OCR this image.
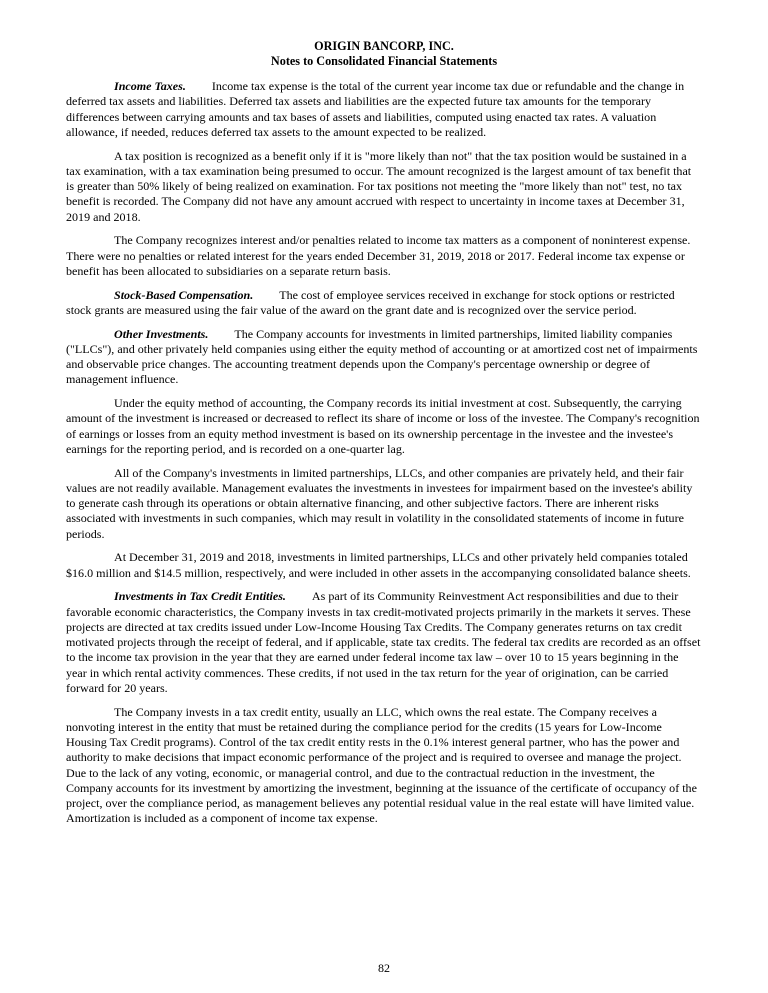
ORIGIN BANCORP, INC.
Notes to Consolidated Financial Statements

Income Taxes. Income tax expense is the total of the current year income tax due or refundable and the change in deferred tax assets and liabilities. Deferred tax assets and liabilities are the expected future tax amounts for the temporary differences between carrying amounts and tax bases of assets and liabilities, computed using enacted tax rates. A valuation allowance, if needed, reduces deferred tax assets to the amount expected to be realized.

A tax position is recognized as a benefit only if it is "more likely than not" that the tax position would be sustained in a tax examination, with a tax examination being presumed to occur. The amount recognized is the largest amount of tax benefit that is greater than 50% likely of being realized on examination. For tax positions not meeting the "more likely than not" test, no tax benefit is recorded. The Company did not have any amount accrued with respect to uncertainty in income taxes at December 31, 2019 and 2018.

The Company recognizes interest and/or penalties related to income tax matters as a component of noninterest expense. There were no penalties or related interest for the years ended December 31, 2019, 2018 or 2017. Federal income tax expense or benefit has been allocated to subsidiaries on a separate return basis.

Stock-Based Compensation. The cost of employee services received in exchange for stock options or restricted stock grants are measured using the fair value of the award on the grant date and is recognized over the service period.

Other Investments. The Company accounts for investments in limited partnerships, limited liability companies ("LLCs"), and other privately held companies using either the equity method of accounting or at amortized cost net of impairments and observable price changes. The accounting treatment depends upon the Company's percentage ownership or degree of management influence.

Under the equity method of accounting, the Company records its initial investment at cost. Subsequently, the carrying amount of the investment is increased or decreased to reflect its share of income or loss of the investee. The Company's recognition of earnings or losses from an equity method investment is based on its ownership percentage in the investee and the investee's earnings for the reporting period, and is recorded on a one-quarter lag.

All of the Company's investments in limited partnerships, LLCs, and other companies are privately held, and their fair values are not readily available. Management evaluates the investments in investees for impairment based on the investee's ability to generate cash through its operations or obtain alternative financing, and other subjective factors. There are inherent risks associated with investments in such companies, which may result in volatility in the consolidated statements of income in future periods.

At December 31, 2019 and 2018, investments in limited partnerships, LLCs and other privately held companies totaled $16.0 million and $14.5 million, respectively, and were included in other assets in the accompanying consolidated balance sheets.

Investments in Tax Credit Entities. As part of its Community Reinvestment Act responsibilities and due to their favorable economic characteristics, the Company invests in tax credit-motivated projects primarily in the markets it serves. These projects are directed at tax credits issued under Low-Income Housing Tax Credits. The Company generates returns on tax credit motivated projects through the receipt of federal, and if applicable, state tax credits. The federal tax credits are recorded as an offset to the income tax provision in the year that they are earned under federal income tax law – over 10 to 15 years beginning in the year in which rental activity commences. These credits, if not used in the tax return for the year of origination, can be carried forward for 20 years.

The Company invests in a tax credit entity, usually an LLC, which owns the real estate. The Company receives a nonvoting interest in the entity that must be retained during the compliance period for the credits (15 years for Low-Income Housing Tax Credit programs). Control of the tax credit entity rests in the 0.1% interest general partner, who has the power and authority to make decisions that impact economic performance of the project and is required to oversee and manage the project. Due to the lack of any voting, economic, or managerial control, and due to the contractual reduction in the investment, the Company accounts for its investment by amortizing the investment, beginning at the issuance of the certificate of occupancy of the project, over the compliance period, as management believes any potential residual value in the real estate will have limited value. Amortization is included as a component of income tax expense.

82
